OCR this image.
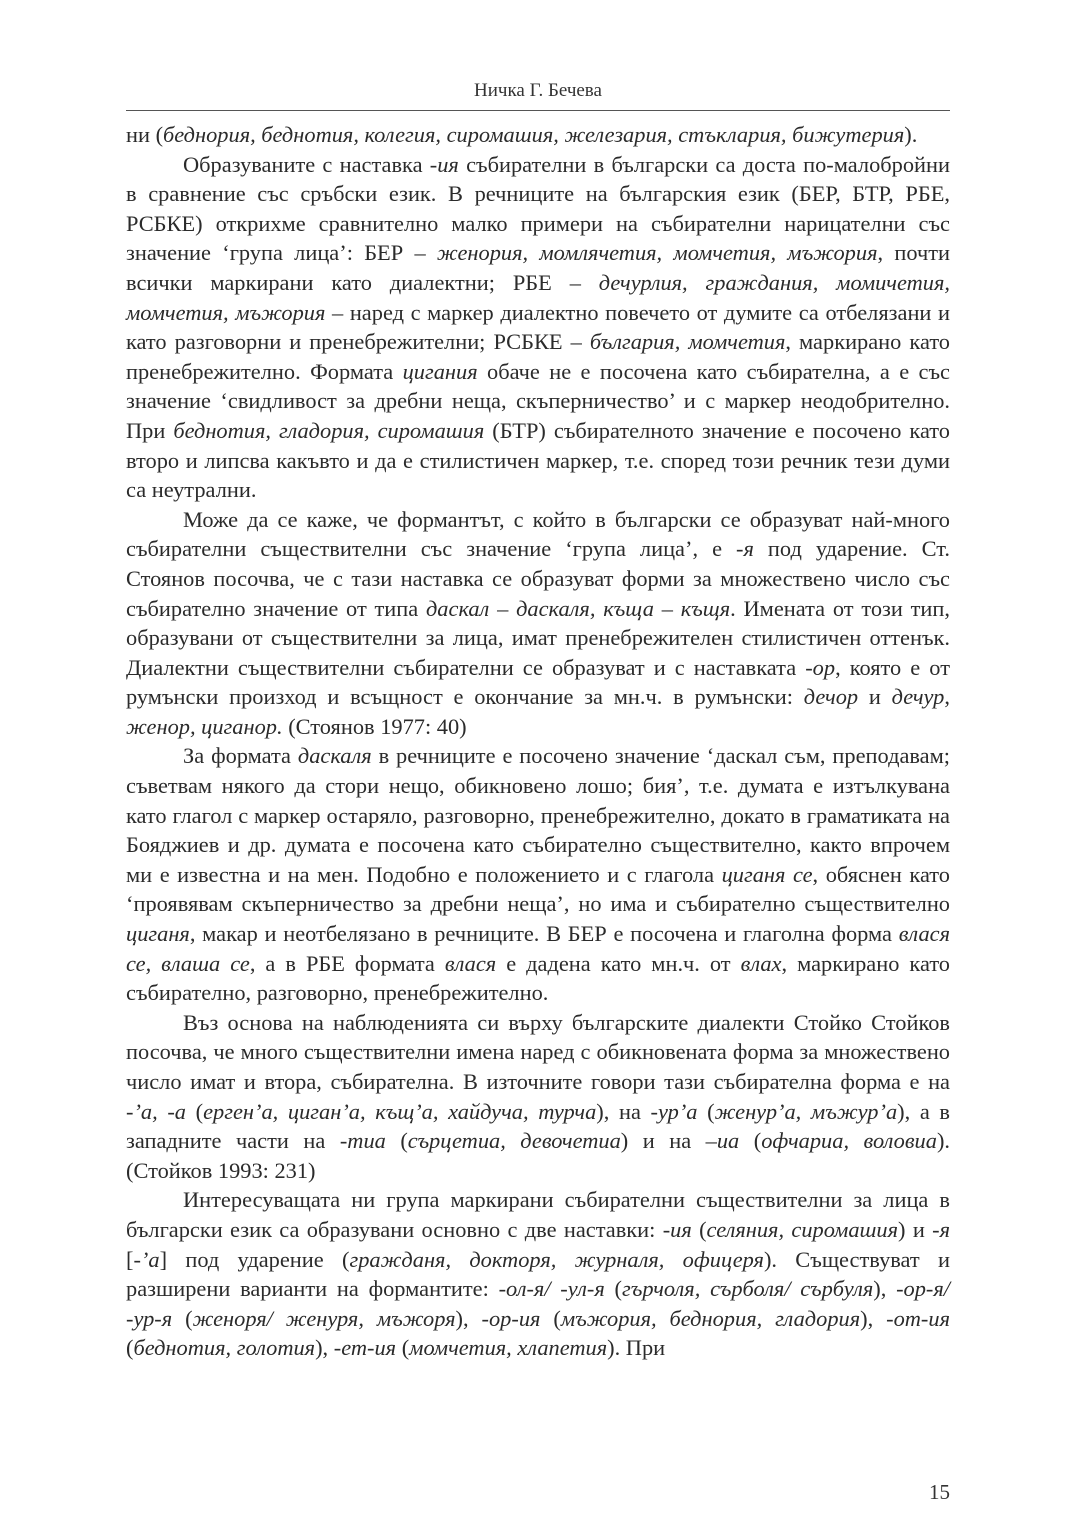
Ничка Г. Бечева

ни (беднория, беднотия, колегия, сиромашия, железария, стъклария, бижутерия).

Образуваните с наставка -ия събирателни в български са доста по-малобройни в сравнение със сръбски език. В речниците на българския език (БЕР, БТР, РБЕ, РСБКЕ) открихме сравнително малко примери на събирателни нарицателни със значение ‘група лица’: БЕР – женория, момлячетия, момчетия, мъжория, почти всички маркирани като диалектни; РБЕ – дечурлия, граждания, момичетия, момчетия, мъжория – наред с маркер диалектно повечето от думите са отбелязани и като разговорни и пренебрежителни; РСБКЕ – българия, момчетия, маркирано като пренебрежително. Формата цигания обаче не е посочена като събирателна, а е със значение ‘свидливост за дребни неща, скъперничество’ и с маркер неодобрително. При беднотия, гладория, сиромашия (БТР) събирателното значение е посочено като второ и липсва какъвто и да е стилистичен маркер, т.е. според този речник тези думи са неутрални.

Може да се каже, че формантът, с който в български се образуват най-много събирателни съществителни със значение ‘група лица’, е -я под ударение. Ст. Стоянов посочва, че с тази наставка се образуват форми за множествено число със събирателно значение от типа даскал – даскаля, къща – къщя. Имената от този тип, образувани от съществителни за лица, имат пренебрежителен стилистичен оттенък. Диалектни съществителни събирателни се образуват и с наставката -ор, която е от румънски произход и всъщност е окончание за мн.ч. в румънски: дечор и дечур, женор, циганор. (Стоянов 1977: 40)

За формата даскаля в речниците е посочено значение ‘даскал съм, преподавам; съветвам някого да стори нещо, обикновено лошо; бия’, т.е. думата е изтълкувана като глагол с маркер остаряло, разговорно, пренебрежително, докато в граматиката на Бояджиев и др. думата е посочена като събирателно съществително, както впрочем ми е известна и на мен. Подобно е положението и с глагола циганя се, обяснен като ‘проявявам скъперничество за дребни неща’, но има и събирателно съществително циганя, макар и неотбелязано в речниците. В БЕР е посочена и глаголна форма влася се, влаша се, а в РБЕ формата влася е дадена като мн.ч. от влах, маркирано като събирателно, разговорно, пренебрежително.

Въз основа на наблюденията си върху българските диалекти Стойко Стойков посочва, че много съществителни имена наред с обикновената форма за множествено число имат и втора, събирателна. В източните говори тази събирателна форма е на -’а, -а (ерген’а, циган’а, къщ’а, хайдуча, турча), на -ур’а (женур’а, мъжур’а), а в западните части на -тиа (сърцетиа, девочетиа) и на –иа (офчариа, воловиа). (Стойков 1993: 231)

Интересуващата ни група маркирани събирателни съществителни за лица в български език са образувани основно с две наставки: -ия (селяния, сиромашия) и -я [-’а] под ударение (гражданя, докторя, журналя, офицеря). Съществуват и разширени варианти на формантите: -ол-я/ -ул-я (гърчоля, сърболя/ сърбуля), -ор-я/ -ур-я (женоря/ женуря, мъжоря), -ор-ия (мъжория, беднория, гладория), -от-ия (беднотия, голотия), -ет-ия (момчетия, хлапетия). При

15
